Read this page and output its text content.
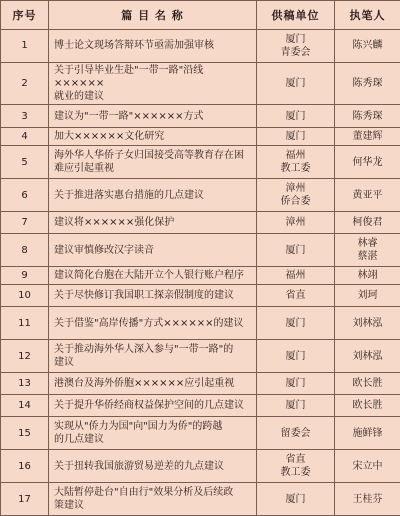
序号	篇 目 名 称	供稿单位	执笔人
1	博士论文现场答辩环节亟需加强审核	厦门
青委会	陈兴麟

2	关于引导毕业生赴"一带一路"沿线××××××
就业的建议	厦门	陈秀琛

3	建议为"一带一路"××××××方式	厦门	陈秀琛

4	加大××××××文化研究	厦门	董建辉

5	海外华人华侨子女归国接受高等教育存在困
难应引起重视	福州
教工委	何华龙

6	关于推进落实惠台措施的几点建议	漳州
侨合委	黄亚平

7	建议将××××××强化保护	漳州	柯俊君

8	建议审慎修改汉字读音	厦门	林睿
蔡湛

9	建议简化台胞在大陆开立个人银行账户程序	福州	林翊

10	关于尽快修订我国职工探亲假制度的建议	省直	刘珂

11	关于借鉴"高岸传播"方式××××××的建议	厦门	刘林泓

12	关于推动海外华人深入参与"一带一路"的
建议	厦门	刘林泓

13	港澳台及海外侨胞××××××应引起重视	厦门	欧长胜

14	关于提升华侨经商权益保护空间的几点建议	厦门	欧长胜

15	实现从"侨力为国"向"国力为侨"的跨越
的几点建议	留委会	施鲜锋

16	关于扭转我国旅游贸易逆差的九点建议	省直
教工委	宋立中

17	大陆暂停赴台"自由行"效果分析及后续政
策建议	厦门	王桂芬
